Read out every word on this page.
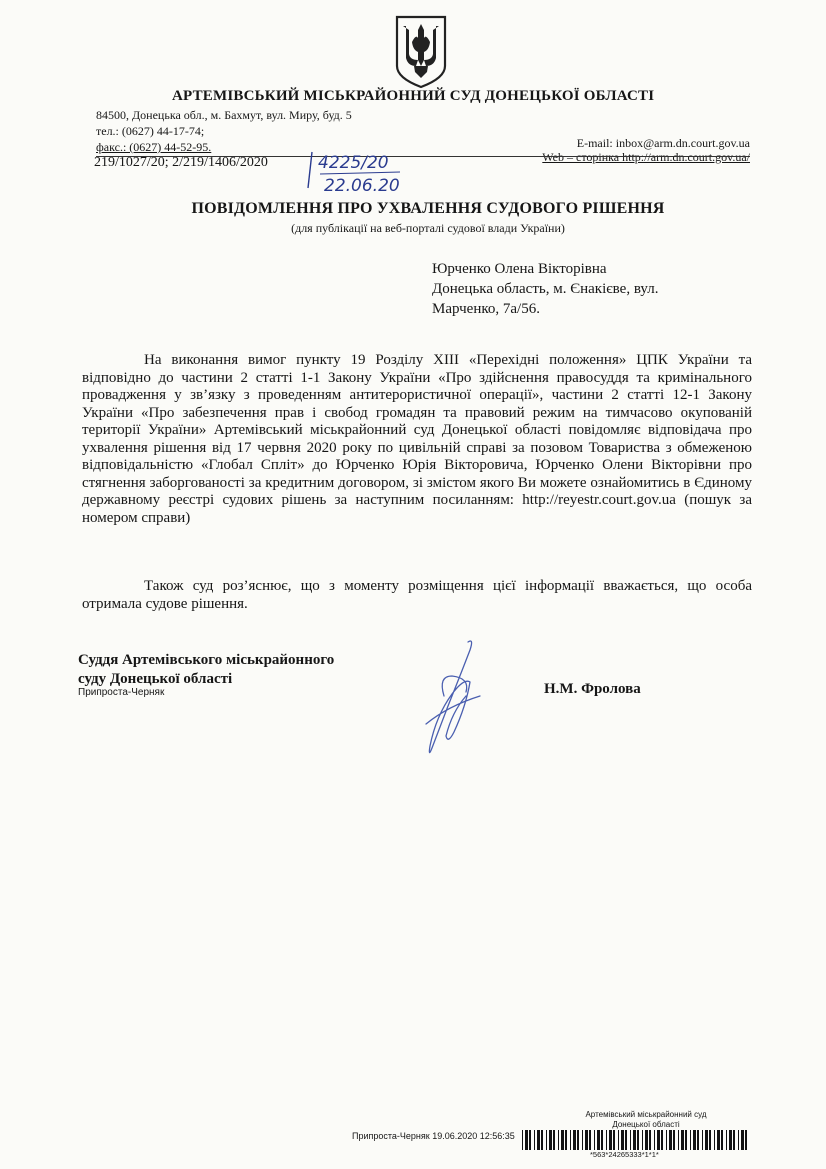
АРТЕМІВСЬКИЙ МІСЬКРАЙОННИЙ СУД ДОНЕЦЬКОЇ ОБЛАСТІ
84500, Донецька обл., м. Бахмут, вул. Миру, буд. 5
тел.: (0627) 44-17-74;
факс.: (0627) 44-52-95.	E-mail: inbox@arm.dn.court.gov.ua
Web – сторінка http://arm.dn.court.gov.ua/
219/1027/20; 2/219/1406/2020	4225/20
22.06.20
ПОВІДОМЛЕННЯ ПРО УХВАЛЕННЯ СУДОВОГО РІШЕННЯ
(для публікації на веб-порталі судової влади України)
Юрченко Олена Вікторівна
Донецька область, м. Єнакієве, вул. Марченко, 7а/56.
На виконання вимог пункту 19 Розділу XIII «Перехідні положення» ЦПК України та відповідно до частини 2 статті 1-1 Закону України «Про здійснення правосуддя та кримінального провадження у зв’язку з проведенням антитерористичної операції», частини 2 статті 12-1 Закону України «Про забезпечення прав і свобод громадян та правовий режим на тимчасово окупованій території України» Артемівський міськрайонний суд Донецької області повідомляє відповідача про ухвалення рішення від 17 червня 2020 року по цивільній справі за позовом Товариства з обмеженою відповідальністю «Глобал Спліт» до Юрченко Юрія Вікторовича, Юрченко Олени Вікторівни про стягнення заборгованості за кредитним договором, зі змістом якого Ви можете ознайомитись в Єдиному державному реєстрі судових рішень за наступним посиланням: http://reyestr.court.gov.ua (пошук за номером справи)
Також суд роз’яснює, що з моменту розміщення цієї інформації вважається, що особа отримала судове рішення.
Суддя Артемівського міськрайонного
суду Донецької області
Припроста-Черняк	Н.М. Фролова
Артемівський міськрайонний суд
Донецької області
Припроста-Черняк 19.06.2020 12:56:35
*563*24265333*1*1*
